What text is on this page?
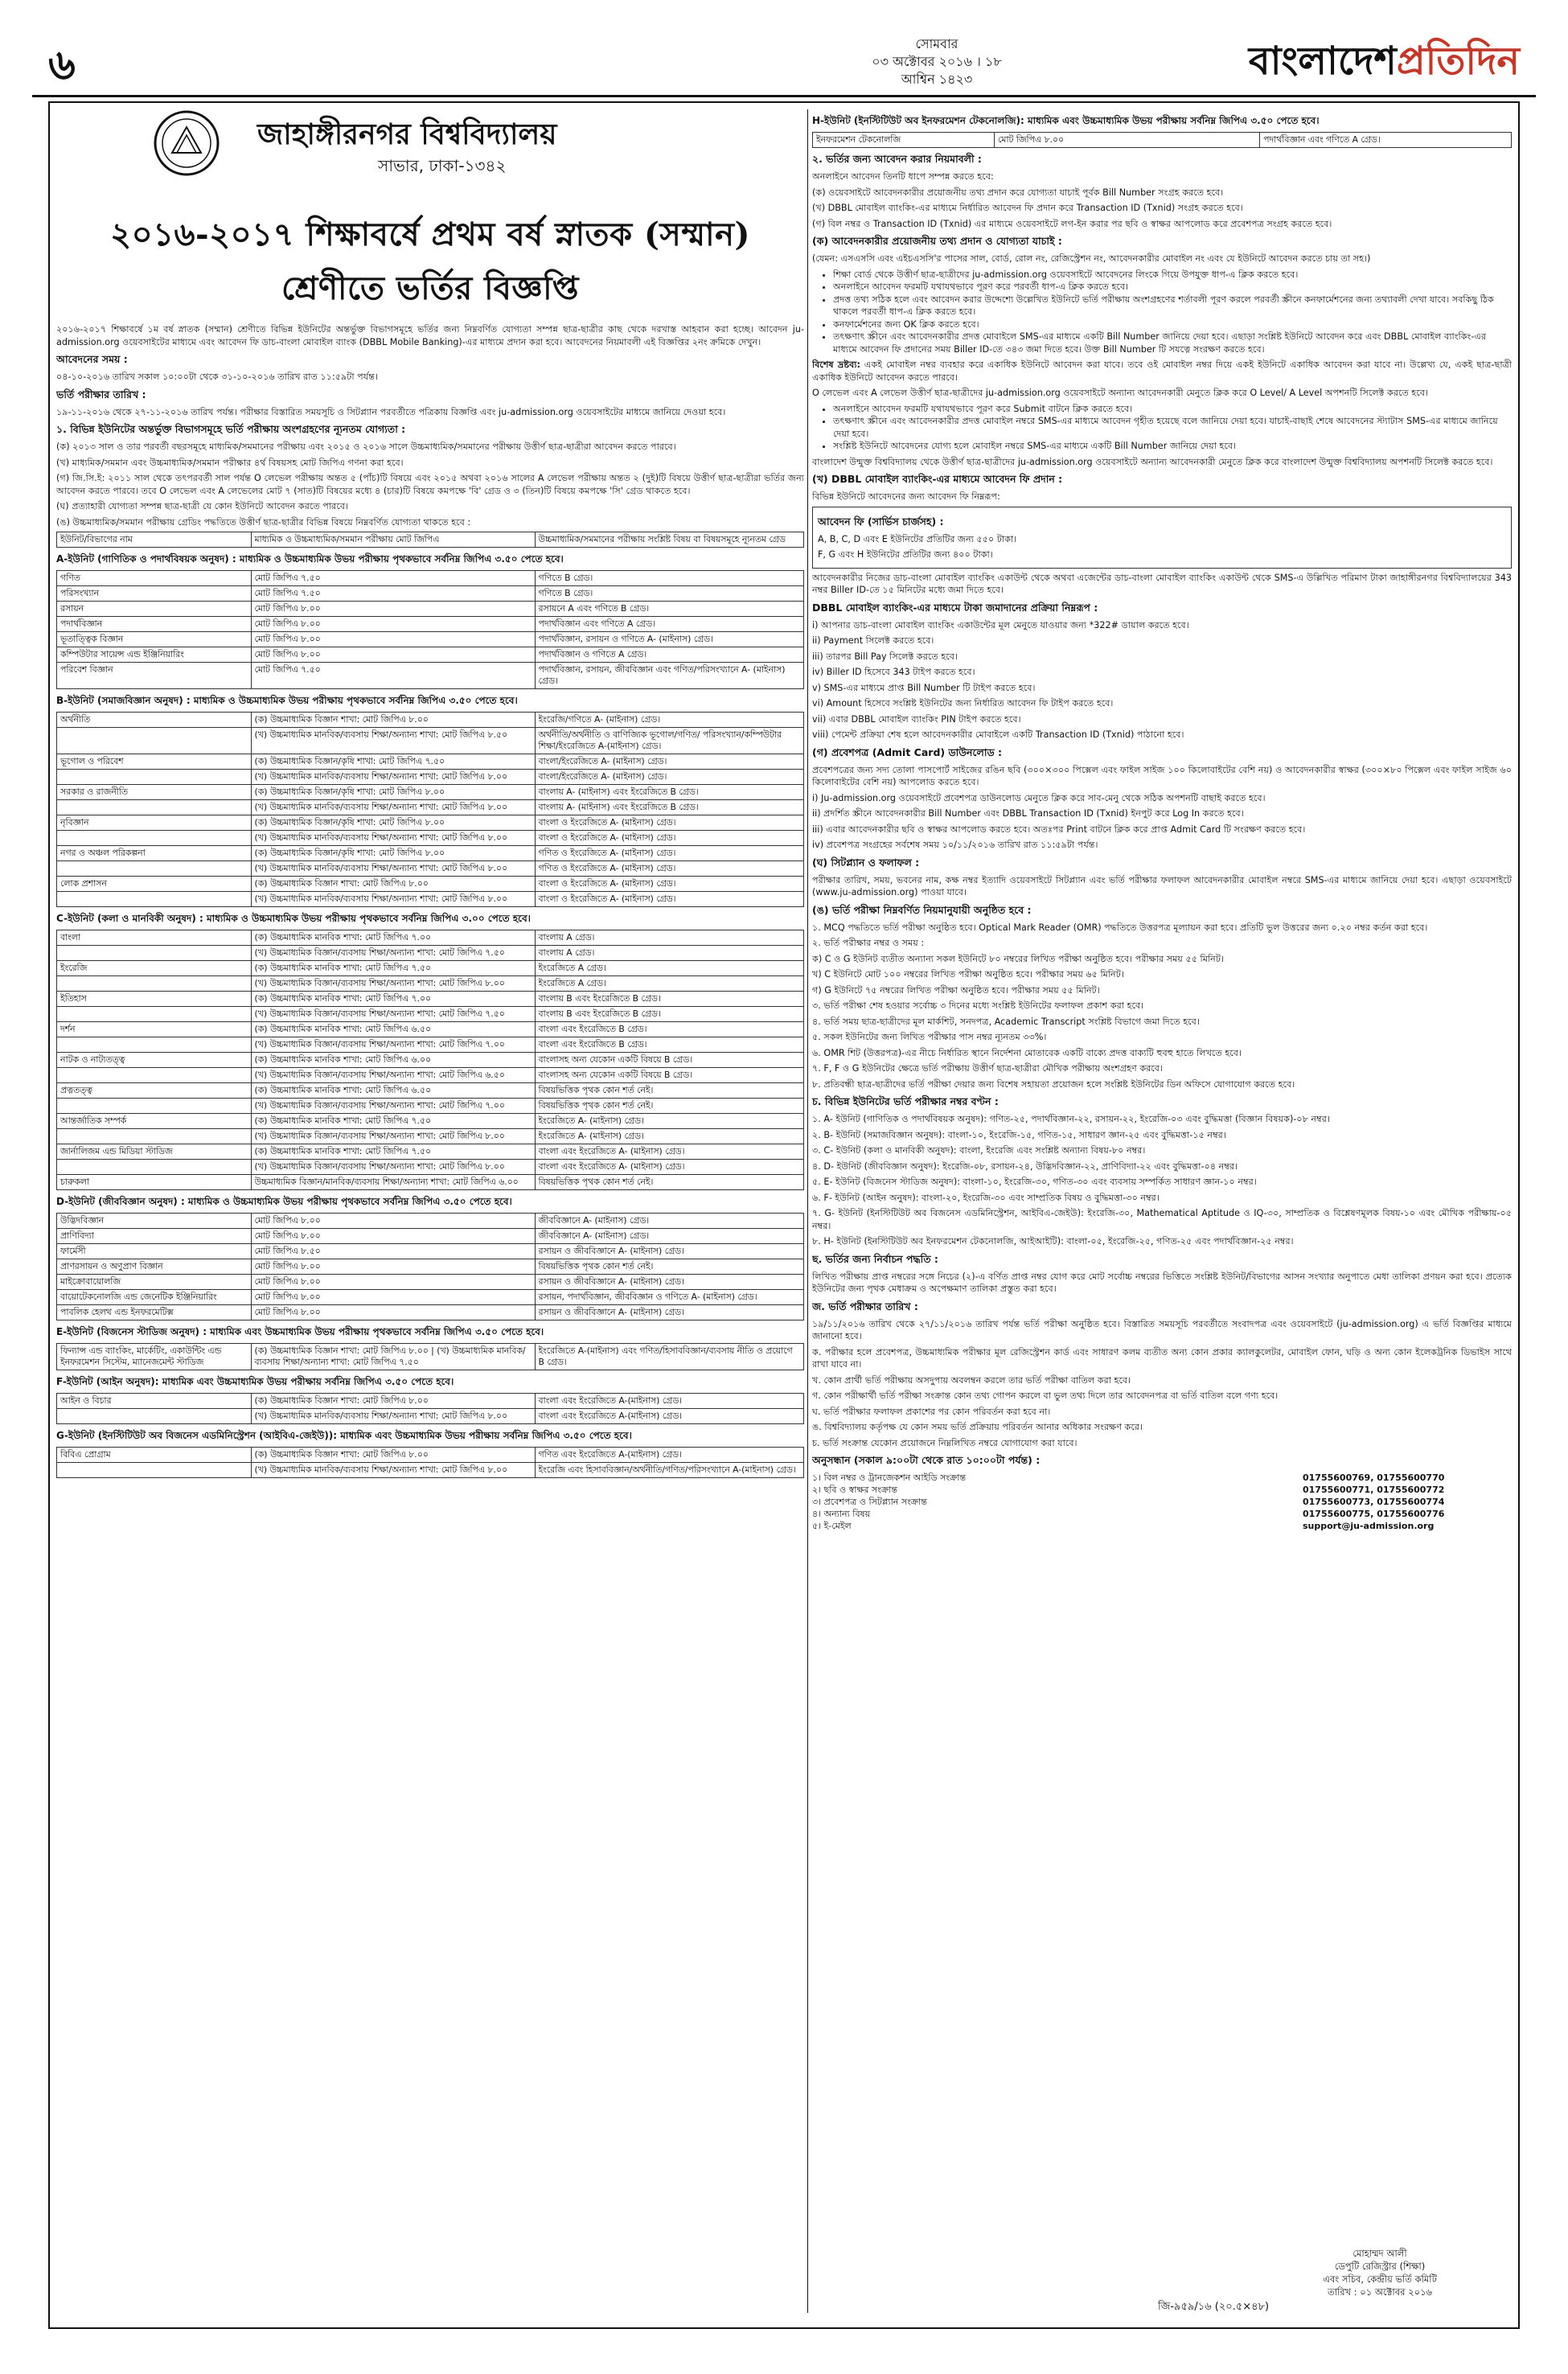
৬	সোমবার
০৩ অক্টোবর ২০১৬ । ১৮ আশ্বিন ১৪২৩	বাংলাদেশপ্রতিদিন
জাহাঙ্গীরনগর বিশ্ববিদ্যালয়
সাভার, ঢাকা-১৩৪২
২০১৬-২০১৭ শিক্ষাবর্ষে প্রথম বর্ষ স্নাতক (সম্মান) শ্রেণীতে ভর্তির বিজ্ঞপ্তি

২০১৬-২০১৭ শিক্ষাবর্ষে ১ম বর্ষ স্নাতক (সম্মান) শ্রেণীতে বিভিন্ন ইউনিটের অন্তর্ভুক্ত বিভাগসমূহে ভর্তির জন্য নিম্নবর্ণিত যোগ্যতা সম্পন্ন ছাত্র-ছাত্রীর কাছ থেকে দরখাস্ত আহবান করা হচ্ছে। আবেদন ju-admission.org ওয়েবসাইটের মাধ্যমে এবং আবেদন ফি ডাচ-বাংলা মোবাইল ব্যাংক (DBBL Mobile Banking)-এর মাধ্যমে প্রদান করা হবে। আবেদনের নিয়মাবলী এই বিজ্ঞপ্তির ২নং ক্রমিকে দেখুন।

আবেদনের সময় :

০৪-১০-২০১৬ তারিখ সকাল ১০:০০টা থেকে ৩১-১০-২০১৬ তারিখ রাত ১১:৫৯টা পর্যন্ত।

ভর্তি পরীক্ষার তারিখ :

১৯-১১-২০১৬ থেকে ২৭-১১-২০১৬ তারিখ পর্যন্ত। পরীক্ষার বিস্তারিত সময়সূচি ও সিটপ্ল্যান পরবর্তীতে পত্রিকায় বিজ্ঞপ্তি এবং ju-admission.org ওয়েবসাইটের মাধ্যমে জানিয়ে দেওয়া হবে।

১. বিভিন্ন ইউনিটের অন্তর্ভুক্ত বিভাগসমূহে ভর্তি পরীক্ষায় অংশগ্রহণের ন্যূনতম যোগ্যতা :

(ক) ২০১৩ সাল ও তার পরবর্তী বছরসমূহে মাধ্যমিক/সমমানের পরীক্ষায় এবং ২০১৫ ও ২০১৬ সালে উচ্চমাধ্যমিক/সমমানের পরীক্ষায় উত্তীর্ণ ছাত্র-ছাত্রীরা আবেদন করতে পারবে।

(খ) মাধ্যমিক/সমমান এবং উচ্চমাধ্যমিক/সমমান পরীক্ষার ৪র্থ বিষয়সহ মোট জিপিএ গণনা করা হবে।

(গ) জি.সি.ই: ২০১১ সাল থেকে তৎপরবর্তী সাল পর্যন্ত O লেভেল পরীক্ষায় অন্তত ৫ (পাঁচ)টি বিষয়ে এবং ২০১৫ অথবা ২০১৬ সালের A লেভেল পরীক্ষায় অন্তত ২ (দুই)টি বিষয়ে উত্তীর্ণ ছাত্র-ছাত্রীরা ভর্তির জন্য আবেদন করতে পারবে। তবে O লেভেল এবং A লেভেলের মোট ৭ (সাত)টি বিষয়ের মধ্যে ৪ (চার)টি বিষয়ে কমপক্ষে 'বি' গ্রেড ও ৩ (তিন)টি বিষয়ে কমপক্ষে 'সি' গ্রেড থাকতে হবে।

(ঘ) প্রত্যাহারী যোগ্যতা সম্পন্ন ছাত্র-ছাত্রী যে কোন ইউনিটে আবেদন করতে পারবে।

(ঙ) উচ্চমাধ্যমিক/সমমান পরীক্ষায় গ্রেডিং পদ্ধতিতে উত্তীর্ণ ছাত্র-ছাত্রীর বিভিন্ন বিষয়ে নিম্নবর্ণিত যোগ্যতা থাকতে হবে :

ইউনিট/বিভাগের নাম	মাধ্যমিক ও উচ্চমাধ্যমিক/সমমান পরীক্ষায় মোট জিপিএ	উচ্চমাধ্যমিক/সমমানের পরীক্ষায় সংশ্লিষ্ট বিষয় বা বিষয়সমূহে ন্যূনতম গ্রেড
A-ইউনিট (গাণিতিক ও পদার্থবিষয়ক অনুষদ) : মাধ্যমিক ও উচ্চমাধ্যমিক উভয় পরীক্ষায় পৃথকভাবে সর্বনিম্ন জিপিএ ৩.৫০ পেতে হবে।
গণিত	মোট জিপিএ ৭.৫০	গণিতে B গ্রেড।
পরিসংখ্যান	মোট জিপিএ ৭.৫০	গণিতে B গ্রেড।
রসায়ন	মোট জিপিএ ৮.০০	রসায়নে A এবং গণিতে B গ্রেড।
পদার্থবিজ্ঞান	মোট জিপিএ ৮.০০	পদার্থবিজ্ঞান এবং গণিতে A গ্রেড।
ভূতাত্ত্বিক বিজ্ঞান	মোট জিপিএ ৮.০০	পদার্থবিজ্ঞান, রসায়ন ও গণিতে A- (মাইনাস) গ্রেড।
কম্পিউটার সায়েন্স এন্ড ইঞ্জিনিয়ারিং	মোট জিপিএ ৮.০০	পদার্থবিজ্ঞান ও গণিতে A গ্রেড।
পরিবেশ বিজ্ঞান	মোট জিপিএ ৭.৫০	পদার্থবিজ্ঞান, রসায়ন, জীববিজ্ঞান এবং গণিত/পরিসংখ্যানে A- (মাইনাস) গ্রেড।
B-ইউনিট (সমাজবিজ্ঞান অনুষদ) : মাধ্যমিক ও উচ্চমাধ্যমিক উভয় পরীক্ষায় পৃথকভাবে সর্বনিম্ন জিপিএ ৩.৫০ পেতে হবে।
অর্থনীতি	(ক) উচ্চমাধ্যমিক বিজ্ঞান শাখা: মোট জিপিএ ৮.০০	ইংরেজি/গণিতে A- (মাইনাস) গ্রেড।
	(খ) উচ্চমাধ্যমিক মানবিক/ব্যবসায় শিক্ষা/অন্যান্য শাখা: মোট জিপিএ ৮.৫০	অর্থনীতি/অর্থনীতি ও বাণিজ্যিক ভূগোল/গণিত/ পরিসংখ্যান/কম্পিউটার শিক্ষা/ইংরেজিতে A-(মাইনাস) গ্রেড।
ভূগোল ও পরিবেশ	(ক) উচ্চমাধ্যমিক বিজ্ঞান/কৃষি শাখা: মোট জিপিএ ৭.৫০	বাংলা/ইংরেজিতে A- (মাইনাস) গ্রেড।
	(খ) উচ্চমাধ্যমিক মানবিক/ব্যবসায় শিক্ষা/অন্যান্য শাখা: মোট জিপিএ ৮.০০	বাংলা/ইংরেজিতে A- (মাইনাস) গ্রেড।
সরকার ও রাজনীতি	(ক) উচ্চমাধ্যমিক বিজ্ঞান/কৃষি শাখা: মোট জিপিএ ৮.০০	বাংলায় A- (মাইনাস) এবং ইংরেজিতে B গ্রেড।
	(খ) উচ্চমাধ্যমিক মানবিক/ব্যবসায় শিক্ষা/অন্যান্য শাখা: মোট জিপিএ ৮.০০	বাংলায় A- (মাইনাস) এবং ইংরেজিতে B গ্রেড।
নৃবিজ্ঞান	(ক) উচ্চমাধ্যমিক বিজ্ঞান/কৃষি শাখা: মোট জিপিএ ৮.০০	বাংলা ও ইংরেজিতে A- (মাইনাস) গ্রেড।
	(খ) উচ্চমাধ্যমিক মানবিক/ব্যবসায় শিক্ষা/অন্যান্য শাখা: মোট জিপিএ ৮.০০	বাংলা ও ইংরেজিতে A- (মাইনাস) গ্রেড।
নগর ও অঞ্চল পরিকল্পনা	(ক) উচ্চমাধ্যমিক বিজ্ঞান/কৃষি শাখা: মোট জিপিএ ৮.০০	গণিত ও ইংরেজিতে A- (মাইনাস) গ্রেড।
	(খ) উচ্চমাধ্যমিক মানবিক/ব্যবসায় শিক্ষা/অন্যান্য শাখা: মোট জিপিএ ৮.০০	গণিত ও ইংরেজিতে A- (মাইনাস) গ্রেড।
লোক প্রশাসন	(ক) উচ্চমাধ্যমিক বিজ্ঞান শাখা: মোট জিপিএ ৮.০০	বাংলা ও ইংরেজিতে A- (মাইনাস) গ্রেড।
	(খ) উচ্চমাধ্যমিক মানবিক/ব্যবসায় শিক্ষা/অন্যান্য শাখা: মোট জিপিএ ৮.০০	বাংলা ও ইংরেজিতে A- (মাইনাস) গ্রেড।
C-ইউনিট (কলা ও মানবিকী অনুষদ) : মাধ্যমিক ও উচ্চমাধ্যমিক উভয় পরীক্ষায় পৃথকভাবে সর্বনিম্ন জিপিএ ৩.০০ পেতে হবে।
বাংলা	(ক) উচ্চমাধ্যমিক মানবিক শাখা: মোট জিপিএ ৭.০০	বাংলায় A গ্রেড।
	(খ) উচ্চমাধ্যমিক বিজ্ঞান/ব্যবসায় শিক্ষা/অন্যান্য শাখা: মোট জিপিএ ৭.৫০	বাংলায় A গ্রেড।
ইংরেজি	(ক) উচ্চমাধ্যমিক মানবিক শাখা: মোট জিপিএ ৭.৫০	ইংরেজিতে A গ্রেড।
	(খ) উচ্চমাধ্যমিক বিজ্ঞান/ব্যবসায় শিক্ষা/অন্যান্য শাখা: মোট জিপিএ ৮.০০	ইংরেজিতে A গ্রেড।
ইতিহাস	(ক) উচ্চমাধ্যমিক মানবিক শাখা: মোট জিপিএ ৭.০০	বাংলায় B এবং ইংরেজিতে B গ্রেড।
	(খ) উচ্চমাধ্যমিক বিজ্ঞান/ব্যবসায় শিক্ষা/অন্যান্য শাখা: মোট জিপিএ ৭.৫০	বাংলায় B এবং ইংরেজিতে B গ্রেড।
দর্শন	(ক) উচ্চমাধ্যমিক মানবিক শাখা: মোট জিপিএ ৬.৫০	বাংলা এবং ইংরেজিতে B গ্রেড।
	(খ) উচ্চমাধ্যমিক বিজ্ঞান/ব্যবসায় শিক্ষা/অন্যান্য শাখা: মোট জিপিএ ৭.০০	বাংলা এবং ইংরেজিতে B গ্রেড।
নাটক ও নাট্যতত্ত্ব	(ক) উচ্চমাধ্যমিক মানবিক শাখা: মোট জিপিএ ৬.০০	বাংলাসহ অন্য যেকোন একটি বিষয়ে B গ্রেড।
	(খ) উচ্চমাধ্যমিক বিজ্ঞান/ব্যবসায় শিক্ষা/অন্যান্য শাখা: মোট জিপিএ ৬.৫০	বাংলাসহ অন্য যেকোন একটি বিষয়ে B গ্রেড।
প্রত্নতত্ত্ব	(ক) উচ্চমাধ্যমিক মানবিক শাখা: মোট জিপিএ ৬.৫০	বিষয়ভিত্তিক পৃথক কোন শর্ত নেই।
	(খ) উচ্চমাধ্যমিক বিজ্ঞান/ব্যবসায় শিক্ষা/অন্যান্য শাখা: মোট জিপিএ ৭.০০	বিষয়ভিত্তিক পৃথক কোন শর্ত নেই।
আন্তর্জাতিক সম্পর্ক	(ক) উচ্চমাধ্যমিক মানবিক শাখা: মোট জিপিএ ৭.৫০	ইংরেজিতে A- (মাইনাস) গ্রেড।
	(খ) উচ্চমাধ্যমিক বিজ্ঞান/ব্যবসায় শিক্ষা/অন্যান্য শাখা: মোট জিপিএ ৮.০০	ইংরেজিতে A- (মাইনাস) গ্রেড।
জার্নালিজম এন্ড মিডিয়া স্টাডিজ	(ক) উচ্চমাধ্যমিক মানবিক শাখা: মোট জিপিএ ৭.৫০	বাংলা এবং ইংরেজিতে A- (মাইনাস) গ্রেড।
	(খ) উচ্চমাধ্যমিক বিজ্ঞান/ব্যবসায় শিক্ষা/অন্যান্য শাখা: মোট জিপিএ ৮.০০	বাংলা এবং ইংরেজিতে A- (মাইনাস) গ্রেড।
চারুকলা	উচ্চমাধ্যমিক বিজ্ঞান/মানবিক/ব্যবসায় শিক্ষা/অন্যান্য শাখা: মোট জিপিএ ৬.০০	বিষয়ভিত্তিক পৃথক কোন শর্ত নেই।
D-ইউনিট (জীববিজ্ঞান অনুষদ) : মাধ্যমিক ও উচ্চমাধ্যমিক উভয় পরীক্ষায় পৃথকভাবে সর্বনিম্ন জিপিএ ৩.৫০ পেতে হবে।
উদ্ভিদবিজ্ঞান	মোট জিপিএ ৮.০০	জীববিজ্ঞানে A- (মাইনাস) গ্রেড।
প্রাণিবিদ্যা	মোট জিপিএ ৮.০০	জীববিজ্ঞানে A- (মাইনাস) গ্রেড।
ফার্মেসী	মোট জিপিএ ৮.৫০	রসায়ন ও জীববিজ্ঞানে A- (মাইনাস) গ্রেড।
প্রাণরসায়ন ও অণুপ্রাণ বিজ্ঞান	মোট জিপিএ ৮.০০	বিষয়ভিত্তিক পৃথক কোন শর্ত নেই।
মাইক্রোবায়োলজি	মোট জিপিএ ৮.০০	রসায়ন ও জীববিজ্ঞানে A- (মাইনাস) গ্রেড।
বায়োটেকনোলজি এন্ড জেনেটিক ইঞ্জিনিয়ারিং	মোট জিপিএ ৮.০০	রসায়ন, পদার্থবিজ্ঞান, জীববিজ্ঞান ও গণিতে A- (মাইনাস) গ্রেড।
পাবলিক হেলথ এন্ড ইনফরমেটিক্স	মোট জিপিএ ৮.০০	রসায়ন ও জীববিজ্ঞানে A- (মাইনাস) গ্রেড।
E-ইউনিট (বিজনেস স্টাডিজ অনুষদ) : মাধ্যমিক এবং উচ্চমাধ্যমিক উভয় পরীক্ষায় পৃথকভাবে সর্বনিম্ন জিপিএ ৩.৫০ পেতে হবে।
ফিন্যান্স এন্ড ব্যাংকিং, মার্কেটিং, একাউন্টিং এন্ড ইনফরমেশন সিস্টেম, ম্যানেজমেন্ট স্টাডিজ	(ক) উচ্চমাধ্যমিক বিজ্ঞান শাখা: মোট জিপিএ ৮.০০ | (খ) উচ্চমাধ্যমিক মানবিক/ব্যবসায় শিক্ষা/অন্যান্য শাখা: মোট জিপিএ ৭.৫০	ইংরেজিতে A-(মাইনাস) এবং গণিত/হিসাববিজ্ঞান/ব্যবসায় নীতি ও প্রয়োগে B গ্রেড।
F-ইউনিট (আইন অনুষদ): মাধ্যমিক এবং উচ্চমাধ্যমিক উভয় পরীক্ষায় সর্বনিম্ন জিপিএ ৩.৫০ পেতে হবে।
আইন ও বিচার	(ক) উচ্চমাধ্যমিক বিজ্ঞান শাখা: মোট জিপিএ ৮.০০	বাংলা এবং ইংরেজিতে A-(মাইনাস) গ্রেড।
	(খ) উচ্চমাধ্যমিক মানবিক/ব্যবসায় শিক্ষা/অন্যান্য শাখা: মোট জিপিএ ৮.০০	বাংলা এবং ইংরেজিতে A-(মাইনাস) গ্রেড।
G-ইউনিট (ইনস্টিটিউট অব বিজনেস এডমিনিস্ট্রেশন (আইবিএ-জেইউ)): মাধ্যমিক এবং উচ্চমাধ্যমিক উভয় পরীক্ষায় সর্বনিম্ন জিপিএ ৩.৫০ পেতে হবে।
বিবিএ প্রোগ্রাম	(ক) উচ্চমাধ্যমিক বিজ্ঞান শাখা: মোট জিপিএ ৮.০০	গণিত এবং ইংরেজিতে A-(মাইনাস) গ্রেড।
	(খ) উচ্চমাধ্যমিক মানবিক/ব্যবসায় শিক্ষা/অন্যান্য শাখা: মোট জিপিএ ৮.০০	ইংরেজি এবং হিসাববিজ্ঞান/অর্থনীতি/গণিত/পরিসংখ্যানে A-(মাইনাস) গ্রেড।
H-ইউনিট (ইনস্টিটিউট অব ইনফরমেশন টেকনোলজি): মাধ্যমিক এবং উচ্চমাধ্যমিক উভয় পরীক্ষায় সর্বনিম্ন জিপিএ ৩.৫০ পেতে হবে।
ইনফরমেশন টেকনোলজি	মোট জিপিএ ৮.০০	পদার্থবিজ্ঞান এবং গণিতে A গ্রেড।
২. ভর্তির জন্য আবেদন করার নিয়মাবলী :

অনলাইনে আবেদন তিনটি ধাপে সম্পন্ন করতে হবে:

(ক) ওয়েবসাইটে আবেদনকারীর প্রয়োজনীয় তথ্য প্রদান করে যোগ্যতা যাচাই পূর্বক Bill Number সংগ্রহ করতে হবে।

(খ) DBBL মোবাইল ব্যাংকিং-এর মাধ্যমে নির্ধারিত আবেদন ফি প্রদান করে Transaction ID (Txnid) সংগ্রহ করতে হবে।

(গ) বিল নম্বর ও Transaction ID (Txnid) এর মাধ্যমে ওয়েবসাইটে লগ-ইন করার পর ছবি ও স্বাক্ষর আপলোড করে প্রবেশপত্র সংগ্রহ করতে হবে।

(ক) আবেদনকারীর প্রয়োজনীয় তথ্য প্রদান ও যোগ্যতা যাচাই :

(যেমন: এসএসসি এবং এইচএসসি'র পাসের সাল, বোর্ড, রোল নং, রেজিস্ট্রেশন নং, আবেদনকারীর মোবাইল নং এবং যে ইউনিটে আবেদন করতে চায় তা সহ।)

• শিক্ষা বোর্ড থেকে উত্তীর্ণ ছাত্র-ছাত্রীদের ju-admission.org ওয়েবসাইটে আবেদনের লিংকে গিয়ে উপযুক্ত ধাপ-এ ক্লিক করতে হবে।
• অনলাইনে আবেদন ফরমটি যথাযথভাবে পূরণ করে পরবর্তী ধাপ-এ ক্লিক করতে হবে।
• প্রদত্ত তথ্য সঠিক হলে এবং আবেদন করার উদ্দেশ্যে উল্লেখিত ইউনিটে ভর্তি পরীক্ষায় অংশগ্রহণের শর্তাবলী পূরণ করলে পরবর্তী স্ক্রীনে কনফার্মেশনের জন্য তথ্যাবলী দেখা যাবে। সবকিছু ঠিক থাকলে পরবর্তী ধাপ-এ ক্লিক করতে হবে।
• কনফার্মেশনের জন্য OK ক্লিক করতে হবে।
• তৎক্ষণাৎ স্ক্রীনে এবং আবেদনকারীর প্রদত্ত মোবাইলে SMS-এর মাধ্যমে একটি Bill Number জানিয়ে দেয়া হবে। এছাড়া সংশ্লিষ্ট ইউনিটে আবেদন করে এবং DBBL মোবাইল ব্যাংকিং-এর মাধ্যমে আবেদন ফি প্রদানের সময় Biller ID-তে ৩৪৩ জমা দিতে হবে। উক্ত Bill Number টি সযত্নে সংরক্ষণ করতে হবে।

বিশেষ দ্রষ্টব্য: একই মোবাইল নম্বর ব্যবহার করে একাধিক ইউনিটে আবেদন করা যাবে। তবে ওই মোবাইল নম্বর দিয়ে একই ইউনিটে একাধিক আবেদন করা যাবে না। উল্লেখ্য যে, একই ছাত্র-ছাত্রী একাধিক ইউনিটে আবেদন করতে পারবে।

O লেভেল এবং A লেভেল উত্তীর্ণ ছাত্র-ছাত্রীদের ju-admission.org ওয়েবসাইটে অন্যান্য আবেদনকারী মেনুতে ক্লিক করে O Level/ A Level অপশনটি সিলেক্ট করতে হবে।

• অনলাইনে আবেদন ফরমটি যথাযথভাবে পূরণ করে Submit বাটনে ক্লিক করতে হবে।
• তৎক্ষণাৎ স্ক্রীনে এবং আবেদনকারীর প্রদত্ত মোবাইল নম্বরে SMS-এর মাধ্যমে আবেদন গৃহীত হয়েছে বলে জানিয়ে দেয়া হবে। যাচাই-বাছাই শেষে আবেদনের স্ট্যাটাস SMS-এর মাধ্যমে জানিয়ে দেয়া হবে।
• সংশ্লিষ্ট ইউনিটে আবেদনের যোগ্য হলে মোবাইল নম্বরে SMS-এর মাধ্যমে একটি Bill Number জানিয়ে দেয়া হবে।

বাংলাদেশ উন্মুক্ত বিশ্ববিদ্যালয় থেকে উত্তীর্ণ ছাত্র-ছাত্রীদের ju-admission.org ওয়েবসাইটে অন্যান্য আবেদনকারী মেনুতে ক্লিক করে বাংলাদেশ উন্মুক্ত বিশ্ববিদ্যালয় অপশনটি সিলেক্ট করতে হবে।

(খ) DBBL মোবাইল ব্যাংকিং-এর মাধ্যমে আবেদন ফি প্রদান :

বিভিন্ন ইউনিটে আবেদনের জন্য আবেদন ফি নিম্নরূপ:

আবেদন ফি (সার্ভিস চার্জসহ) :

A, B, C, D এবং E ইউনিটের প্রতিটির জন্য ৫৫০ টাকা।

F, G এবং H ইউনিটের প্রতিটির জন্য ৪০০ টাকা।

আবেদনকারীর নিজের ডাচ-বাংলা মোবাইল ব্যাংকিং একাউন্ট থেকে অথবা এজেন্টের ডাচ-বাংলা মোবাইল ব্যাংকিং একাউন্ট থেকে SMS-এ উল্লিখিত পরিমাণ টাকা জাহাঙ্গীরনগর বিশ্ববিদ্যালয়ের 343 নম্বর Biller ID-তে ১৫ মিনিটের মধ্যে জমা দিতে হবে।

DBBL মোবাইল ব্যাংকিং-এর মাধ্যমে টাকা জমাদানের প্রক্রিয়া নিম্নরূপ :

i) আপনার ডাচ-বাংলা মোবাইল ব্যাংকিং একাউন্টের মূল মেনুতে যাওয়ার জন্য *322# ডায়াল করতে হবে।

ii) Payment সিলেক্ট করতে হবে।

iii) তারপর Bill Pay সিলেক্ট করতে হবে।

iv) Biller ID হিসেবে 343 টাইপ করতে হবে।

v) SMS-এর মাধ্যমে প্রাপ্ত Bill Number টি টাইপ করতে হবে।

vi) Amount হিসেবে সংশ্লিষ্ট ইউনিটের জন্য নির্ধারিত আবেদন ফি টাইপ করতে হবে।

vii) এবার DBBL মোবাইল ব্যাংকিং PIN টাইপ করতে হবে।

viii) পেমেন্ট প্রক্রিয়া শেষ হলে আবেদনকারীর মোবাইলে একটি Transaction ID (Txnid) পাঠানো হবে।

(গ) প্রবেশপত্র (Admit Card) ডাউনলোড :

প্রবেশপত্রের জন্য সদ্য তোলা পাসপোর্ট সাইজের রঙিন ছবি (৩০০×৩০০ পিক্সেল এবং ফাইল সাইজ ১০০ কিলোবাইটের বেশি নয়) ও আবেদনকারীর স্বাক্ষর (৩০০×৮০ পিক্সেল এবং ফাইল সাইজ ৬০ কিলোবাইটের বেশি নয়) আপলোড করতে হবে।

i) Ju-admission.org ওয়েবসাইটে প্রবেশপত্র ডাউনলোড মেনুতে ক্লিক করে সাব-মেনু থেকে সঠিক অপশনটি বাছাই করতে হবে।

ii) প্রদর্শিত স্ক্রীনে আবেদনকারীর Bill Number এবং DBBL Transaction ID (Txnid) ইনপুট করে Log In করতে হবে।

iii) এবার আবেদনকারীর ছবি ও স্বাক্ষর আপলোড করতে হবে। অতঃপর Print বাটনে ক্লিক করে প্রাপ্ত Admit Card টি সংরক্ষণ করতে হবে।

iv) প্রবেশপত্র সংগ্রহের সর্বশেষ সময় ১০/১১/২০১৬ তারিখ রাত ১১:৫৯টা পর্যন্ত।

(ঘ) সিটপ্ল্যান ও ফলাফল :

পরীক্ষার তারিখ, সময়, ভবনের নাম, কক্ষ নম্বর ইত্যাদি ওয়েবসাইটে সিটপ্ল্যান এবং ভর্তি পরীক্ষার ফলাফল আবেদনকারীর মোবাইল নম্বরে SMS-এর মাধ্যমে জানিয়ে দেয়া হবে। এছাড়া ওয়েবসাইটে (www.ju-admission.org) পাওয়া যাবে।

(ঙ) ভর্তি পরীক্ষা নিম্নবর্ণিত নিয়মানুযায়ী অনুষ্ঠিত হবে :

১. MCQ পদ্ধতিতে ভর্তি পরীক্ষা অনুষ্ঠিত হবে। Optical Mark Reader (OMR) পদ্ধতিতে উত্তরপত্র মূল্যায়ন করা হবে। প্রতিটি ভুল উত্তরের জন্য ০.২০ নম্বর কর্তন করা হবে।

২. ভর্তি পরীক্ষার নম্বর ও সময় :

ক) C ও G ইউনিট ব্যতীত অন্যান্য সকল ইউনিটে ৮০ নম্বরের লিখিত পরীক্ষা অনুষ্ঠিত হবে। পরীক্ষার সময় ৫৫ মিনিট।

খ) C ইউনিটে মোট ১০০ নম্বরের লিখিত পরীক্ষা অনুষ্ঠিত হবে। পরীক্ষার সময় ৬৫ মিনিট।

গ) G ইউনিটে ৭৫ নম্বরের লিখিত পরীক্ষা অনুষ্ঠিত হবে। পরীক্ষার সময় ৫৫ মিনিট।

৩. ভর্তি পরীক্ষা শেষ হওয়ার সর্বোচ্চ ৩ দিনের মধ্যে সংশ্লিষ্ট ইউনিটের ফলাফল প্রকাশ করা হবে।

৪. ভর্তি সময় ছাত্র-ছাত্রীদের মূল মার্কশিট, সনদপত্র, Academic Transcript সংশ্লিষ্ট বিভাগে জমা দিতে হবে।

৫. সকল ইউনিটের জন্য লিখিত পরীক্ষার পাস নম্বর ন্যূনতম ৩৩%।

৬. OMR শিট (উত্তরপত্র)-এর নীচে নির্ধারিত স্থানে নির্দেশনা মোতাবেক একটি বাক্যে প্রদত্ত বাক্যটি হুবহু হাতে লিখতে হবে।

৭. F, F ও G ইউনিটের ক্ষেত্রে ভর্তি পরীক্ষায় উত্তীর্ণ ছাত্র-ছাত্রীরা মৌখিক পরীক্ষায় অংশগ্রহণ করবে।

৮. প্রতিবন্ধী ছাত্র-ছাত্রীদের ভর্তি পরীক্ষা দেয়ার জন্য বিশেষ সহায়তা প্রয়োজন হলে সংশ্লিষ্ট ইউনিটের ডিন অফিসে যোগাযোগ করতে হবে।

চ. বিভিন্ন ইউনিটের ভর্তি পরীক্ষার নম্বর বণ্টন :

১. A- ইউনিট (গাণিতিক ও পদার্থবিষয়ক অনুষদ): গণিত-২৫, পদার্থবিজ্ঞান-২২, রসায়ন-২২, ইংরেজি-০৩ এবং বুদ্ধিমত্তা (বিজ্ঞান বিষয়ক)-০৮ নম্বর।

২. B- ইউনিট (সমাজবিজ্ঞান অনুষদ): বাংলা-১০, ইংরেজি-১৫, গণিত-১৫, সাধারণ জ্ঞান-২৫ এবং বুদ্ধিমত্তা-১৫ নম্বর।

৩. C- ইউনিট (কলা ও মানবিকী অনুষদ): বাংলা, ইংরেজি এবং সংশ্লিষ্ট অন্যান্য বিষয়-৮০ নম্বর।

৪. D- ইউনিট (জীববিজ্ঞান অনুষদ): ইংরেজি-০৮, রসায়ন-২৪, উদ্ভিদবিজ্ঞান-২২, প্রাণিবিদ্যা-২২ এবং বুদ্ধিমত্তা-০৪ নম্বর।

৫. E- ইউনিট (বিজনেস স্টাডিজ অনুষদ): বাংলা-১০, ইংরেজি-৩০, গণিত-৩০ এবং ব্যবসায় সম্পর্কিত সাধারণ জ্ঞান-১০ নম্বর।

৬. F- ইউনিট (আইন অনুষদ): বাংলা-২০, ইংরেজি-৩০ এবং সাম্প্রতিক বিষয় ও বুদ্ধিমত্তা-৩০ নম্বর।

৭. G- ইউনিট (ইনস্টিটিউট অব বিজনেস এডমিনিস্ট্রেশন, আইবিএ-জেইউ): ইংরেজি-৩০, Mathematical Aptitude ও IQ-৩০, সাম্প্রতিক ও বিশ্লেষণমূলক বিষয়-১০ এবং মৌখিক পরীক্ষায়-০৫ নম্বর।

৮. H- ইউনিট (ইনস্টিটিউট অব ইনফরমেশন টেকনোলজি, আইআইটি): বাংলা-০৫, ইংরেজি-২৫, গণিত-২৫ এবং পদার্থবিজ্ঞান-২৫ নম্বর।

ছ. ভর্তির জন্য নির্বাচন পদ্ধতি :

লিখিত পরীক্ষায় প্রাপ্ত নম্বরের সঙ্গে নিচের (২)-এ বর্ণিত প্রাপ্ত নম্বর যোগ করে মোট সর্বোচ্চ নম্বরের ভিত্তিতে সংশ্লিষ্ট ইউনিট/বিভাগের আসন সংখ্যার অনুপাতে মেধা তালিকা প্রণয়ন করা হবে। প্রত্যেক ইউনিটের জন্য পৃথক মেধাক্রম ও অপেক্ষমাণ তালিকা প্রস্তুত করা হবে।

জ. ভর্তি পরীক্ষার তারিখ :

১৯/১১/২০১৬ তারিখ থেকে ২৭/১১/২০১৬ তারিখ পর্যন্ত ভর্তি পরীক্ষা অনুষ্ঠিত হবে। বিস্তারিত সময়সূচি পরবর্তীতে সংবাদপত্র এবং ওয়েবসাইটে (ju-admission.org) এ ভর্তি বিজ্ঞপ্তির মাধ্যমে জানানো হবে।

ক. পরীক্ষার হলে প্রবেশপত্র, উচ্চমাধ্যমিক পরীক্ষার মূল রেজিস্ট্রেশন কার্ড এবং সাধারণ কলম ব্যতীত অন্য কোন প্রকার ক্যালকুলেটর, মোবাইল ফোন, ঘড়ি ও অন্য কোন ইলেকট্রনিক ডিভাইস সাথে রাখা যাবে না।

খ. কোন প্রার্থী ভর্তি পরীক্ষায় অসদুপায় অবলম্বন করলে তার ভর্তি পরীক্ষা বাতিল করা হবে।

গ. কোন পরীক্ষার্থী ভর্তি পরীক্ষা সংক্রান্ত কোন তথ্য গোপন করলে বা ভুল তথ্য দিলে তার আবেদনপত্র বা ভর্তি বাতিল বলে গণ্য হবে।

ঘ. ভর্তি পরীক্ষার ফলাফল প্রকাশের পর কোন পরিবর্তন করা হবে না।

ঙ. বিশ্ববিদ্যালয় কর্তৃপক্ষ যে কোন সময় ভর্তি প্রক্রিয়ায় পরিবর্তন আনার অধিকার সংরক্ষণ করে।

চ. ভর্তি সংক্রান্ত যেকোন প্রয়োজনে নিম্নলিখিত নম্বরে যোগাযোগ করা যাবে।

অনুসন্ধান (সকাল ৯:০০টা থেকে রাত ১০:০০টা পর্যন্ত) :
১। বিল নম্বর ও ট্রানজেকশন আইডি সংক্রান্ত	01755600769, 01755600770
২। ছবি ও স্বাক্ষর সংক্রান্ত	01755600771, 01755600772
৩। প্রবেশপত্র ও সিটপ্ল্যান সংক্রান্ত	01755600773, 01755600774
৪। অন্যান্য বিষয়	01755600775, 01755600776
৫। ই-মেইল	support@ju-admission.org
মোহাম্মদ আলী
ডেপুটি রেজিস্ট্রার (শিক্ষা)
এবং সচিব, কেন্দ্রীয় ভর্তি কমিটি
তারিখ : ০১ অক্টোবর ২০১৬
জি-৯৫৯/১৬ (২০.৫×৪৮)
